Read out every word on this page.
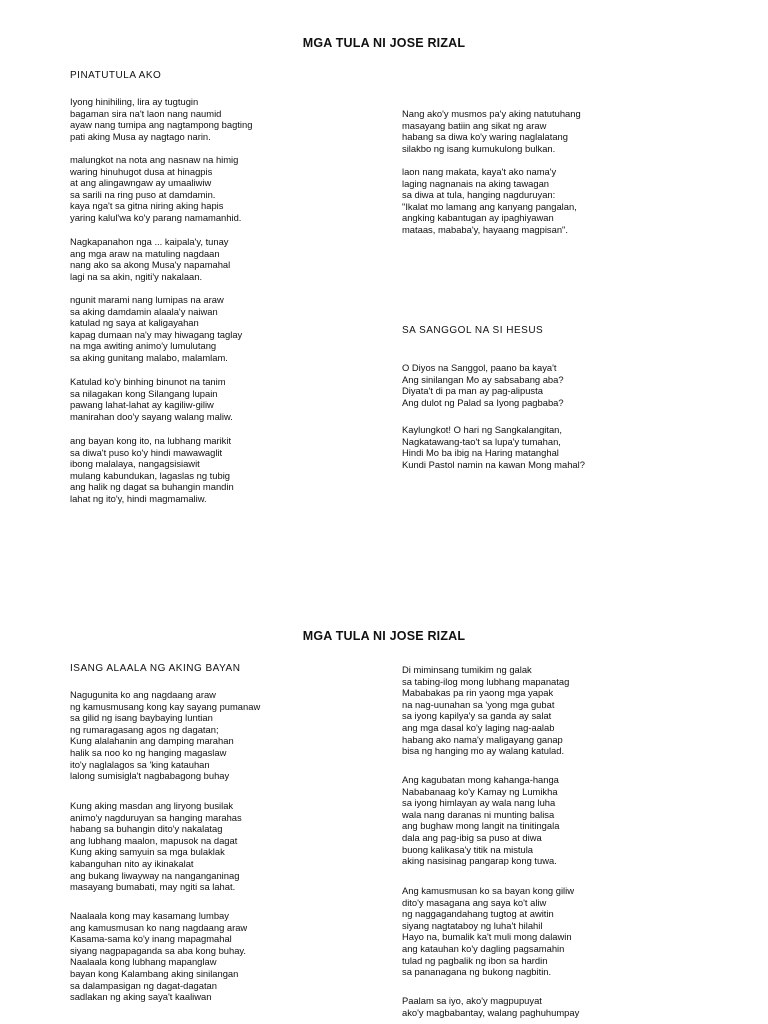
MGA TULA NI JOSE RIZAL
PINATUTULA AKO
Iyong hinihiling, lira ay tugtugin
bagaman sira na't laon nang naumid
ayaw nang tumipa ang nagtampong bagting
pati aking Musa ay nagtago narin.
malungkot na nota ang nasnaw na himig
waring hinuhugot dusa at hinagpis
at ang alingawngaw ay umaaliwiw
sa sarili na ring puso at damdamin.
kaya nga't sa gitna niring aking hapis
yaring kalul'wa ko'y parang namamanhid.
Nagkapanahon nga ... kaipala'y, tunay
ang mga araw na matuling nagdaan
nang ako sa akong Musa'y napamahal
lagi na sa akin, ngiti'y nakalaan.
ngunit marami nang lumipas na araw
sa aking damdamin alaala'y naiwan
katulad ng saya at kaligayahan
kapag dumaan na'y may hiwagang taglay
na mga awiting animo'y lumulutang
sa aking gunitang malabo, malamlam.
Katulad ko'y binhing binunot na tanim
sa nilagakan kong Silangang lupain
pawang lahat-lahat ay kagiliw-giliw
manirahan doo'y sayang walang maliw.
ang bayan kong ito, na lubhang marikit
sa diwa't puso ko'y hindi mawawaglit
ibong malalaya, nangagsisiawit
mulang kabundukan, lagaslas ng tubig
ang halik ng dagat sa buhangin mandin
lahat ng ito'y, hindi magmamaliw.
Nang ako'y musmos pa'y aking natutuhang
masayang batiin ang sikat ng araw
habang sa diwa ko'y waring naglalatang
silakbo ng isang kumukulong bulkan.
laon nang makata, kaya't ako nama'y
laging nagnanais na aking tawagan
sa diwa at tula, hanging nagduruyan:
"Ikalat mo lamang ang kanyang pangalan,
angking kabantugan ay ipaghiyawan
mataas, mababa'y, hayaang magpisan".
SA SANGGOL NA SI HESUS
O Diyos na Sanggol, paano ba kaya't
Ang sinilangan Mo ay sabsabang aba?
Diyata't di pa man ay pag-alipusta
Ang dulot ng Palad sa Iyong pagbaba?
Kaylungkot! O hari ng Sangkalangitan,
Nagkatawang-tao't sa lupa'y tumahan,
Hindi Mo ba ibig na Haring matanghal
Kundi Pastol namin na kawan Mong mahal?
MGA TULA NI JOSE RIZAL
ISANG ALAALA NG AKING BAYAN
Nagugunita ko ang nagdaang araw
ng kamusmusang kong kay sayang pumanaw
sa gilid ng isang baybaying luntian
ng rumaragasang agos ng dagatan;
Kung alalahanin ang damping marahan
halik sa noo ko ng hanging magaslaw
ito'y naglalagos sa 'king katauhan
lalong sumisigla't nagbabagong buhay
Kung aking masdan ang liryong busilak
animo'y nagduruyan sa hanging marahas
habang sa buhangin dito'y nakalatag
ang lubhang maalon, mapusok na dagat
Kung aking samyuin sa mga bulaklak
kabanguhan nito ay ikinakalat
ang bukang liwayway na nanganganinag
masayang bumabati, may ngiti sa lahat.
Naalaala kong may kasamang lumbay
ang kamusmusan ko nang nagdaang araw
Kasama-sama ko'y inang mapagmahal
siyang nagpapaganda sa aba kong buhay.
Naalaala kong lubhang mapanglaw
bayan kong Kalambang aking sinilangan
sa dalampasigan ng dagat-dagatan
sadlakan ng aking saya't kaaliwan
Di miminsang tumikim ng galak
sa tabing-ilog mong lubhang mapanatag
Mababakas pa rin yaong mga yapak
na nag-uunahan sa 'yong mga gubat
sa iyong kapilya'y sa ganda ay salat
ang mga dasal ko'y laging nag-aalab
habang ako nama'y maligayang ganap
bisa ng hanging mo ay walang katulad.
Ang kagubatan mong kahanga-hanga
Nababanaag ko'y Kamay ng Lumikha
sa iyong himlayan ay wala nang luha
wala nang daranas ni munting balisa
ang bughaw mong langit na tinitingala
dala ang pag-ibig sa puso at diwa
buong kalikasa'y titik na mistula
aking nasisinag pangarap kong tuwa.
Ang kamusmusan ko sa bayan kong giliw
dito'y masagana ang saya ko't aliw
ng naggagandahang tugtog at awitin
siyang nagtataboy ng luha't hilahil
Hayo na, bumalik ka't muli mong dalawin
ang katauhan ko'y dagling pagsamahin
tulad ng pagbalik ng ibon sa hardin
sa pananagana ng bukong nagbitin.
Paalam sa iyo, ako'y magpupuyat
ako'y magbabantay, walang paghuhumpay
